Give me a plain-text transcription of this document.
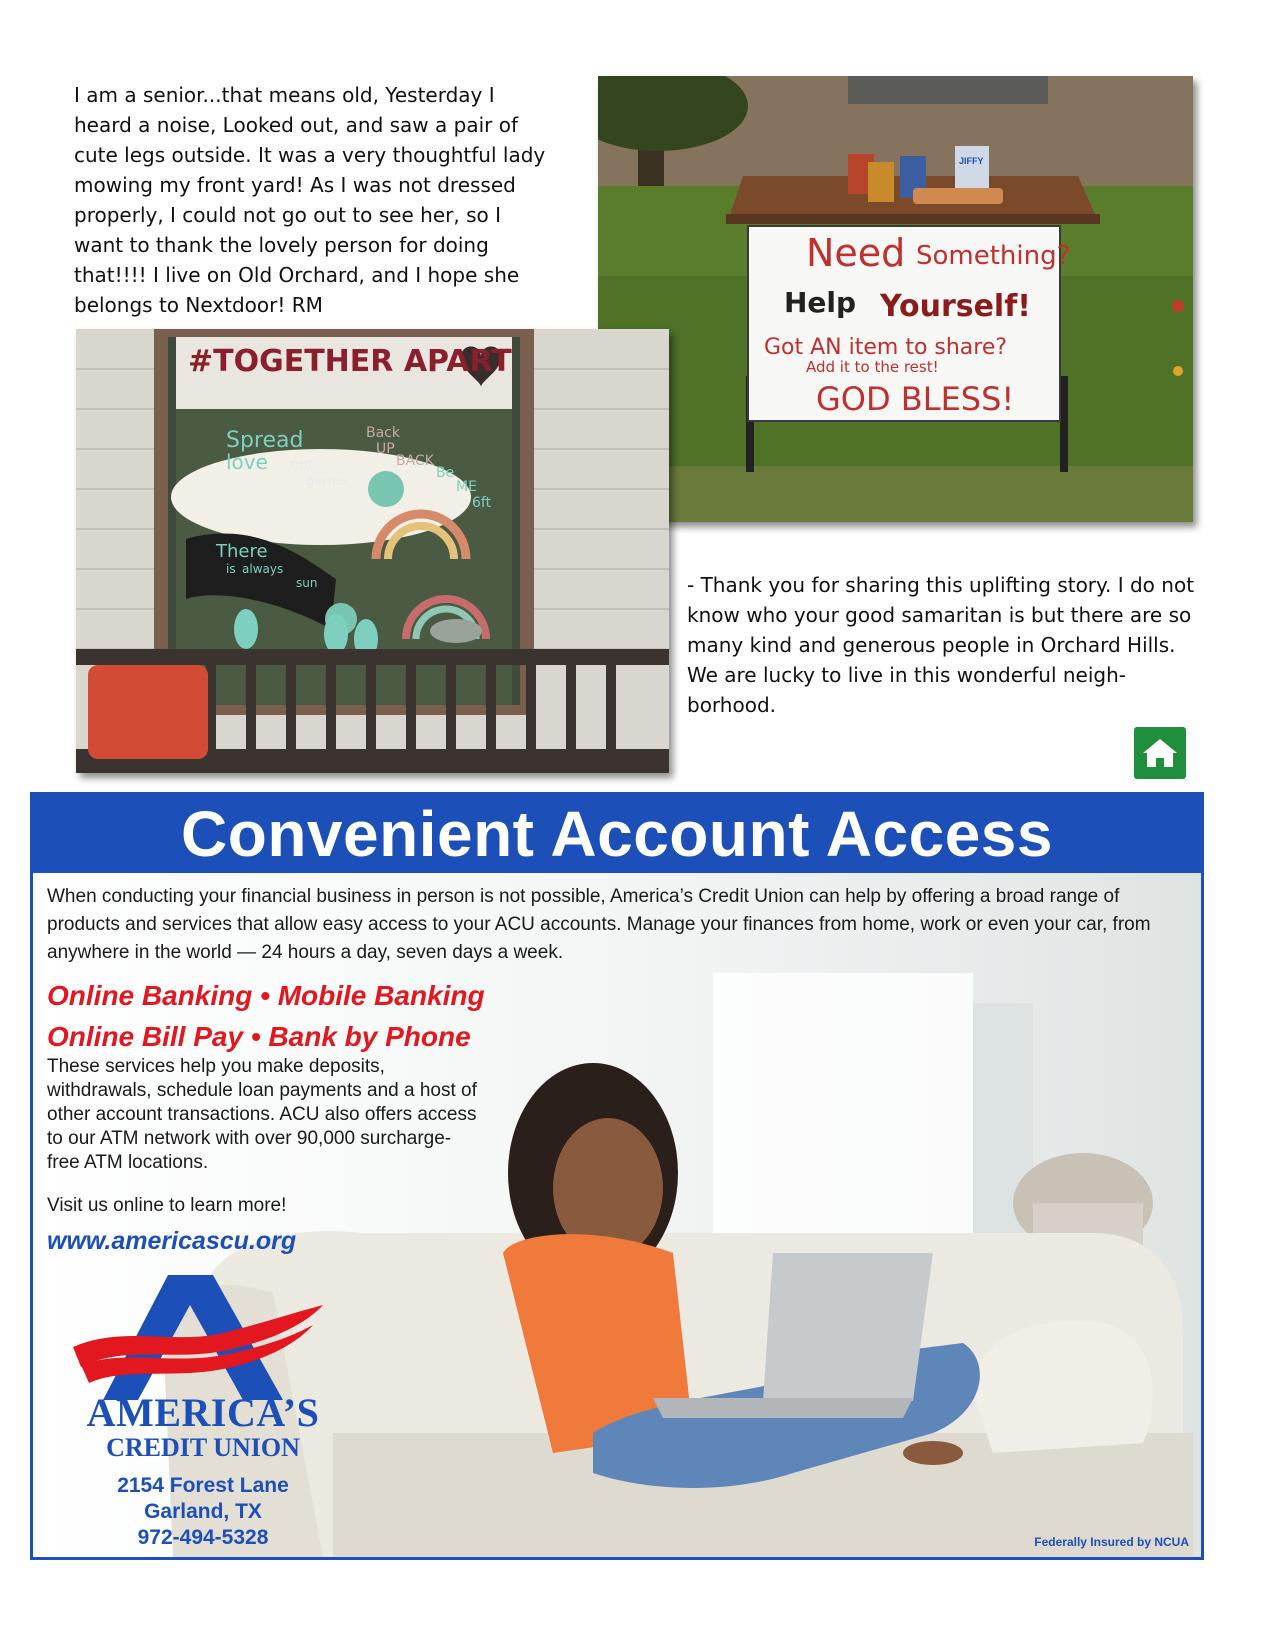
I am a senior...that means old, Yesterday I heard a noise, Looked out, and saw a pair of cute legs outside. It was a very thoughtful lady mowing my front yard! As I was not dressed properly, I could not go out to see her, so I want to thank the lovely person for doing that!!!! I live on Old Orchard, and I hope she belongs to Nextdoor! RM
JIFFY
Need Something?
Help Yourself!
Got AN item to share?
Add it to the rest!
GOD BLESS!
#TOGETHER APART
Spread
love not
germs
Back
UP
BACK
Be
ME
6ft
There
is always
sun	- Thank you for sharing this uplifting story. I do not know who your good samaritan is but there are so many kind and generous people in Orchard Hills. We are lucky to live in this wonderful neigh-borhood.
Convenient Account Access
When conducting your financial business in person is not possible, America’s Credit Union can help by offering a broad range of products and services that allow easy access to your ACU accounts. Manage your finances from home, work or even your car, from anywhere in the world — 24 hours a day, seven days a week.
Online Banking • Mobile Banking
Online Bill Pay • Bank by Phone
These services help you make deposits, withdrawals, schedule loan payments and a host of other account transactions. ACU also offers access to our ATM network with over 90,000 surcharge-free ATM locations.
Visit us online to learn more!
www.americascu.org
AMERICA’S
CREDIT UNION
2154 Forest Lane
Garland, TX
972-494-5328	Federally Insured by NCUA
